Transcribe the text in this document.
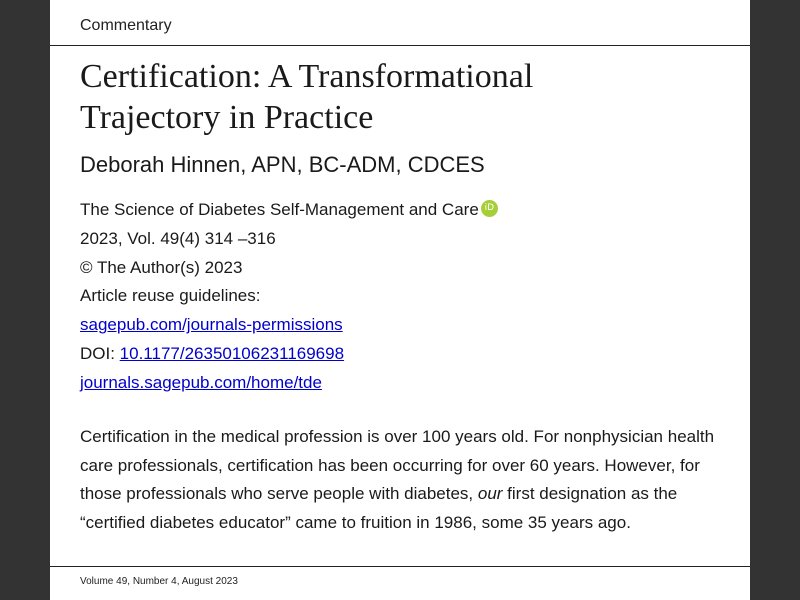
Commentary
Certification: A Transformational
Trajectory in Practice
Deborah Hinnen, APN, BC-ADM, CDCES
The Science of Diabetes Self-Management and Care iD
2023, Vol. 49(4) 314 –316
© The Author(s) 2023
Article reuse guidelines:
sagepub.com/journals-permissions
DOI: 10.1177/26350106231169698
journals.sagepub.com/home/tde
Certification in the medical profession is over 100 years old. For nonphysician health care professionals, certification has been occurring for over 60 years. However, for those professionals who serve people with diabetes, our first designation as the “certified diabetes educator” came to fruition in 1986, some 35 years ago.
Volume 49, Number 4, August 2023
